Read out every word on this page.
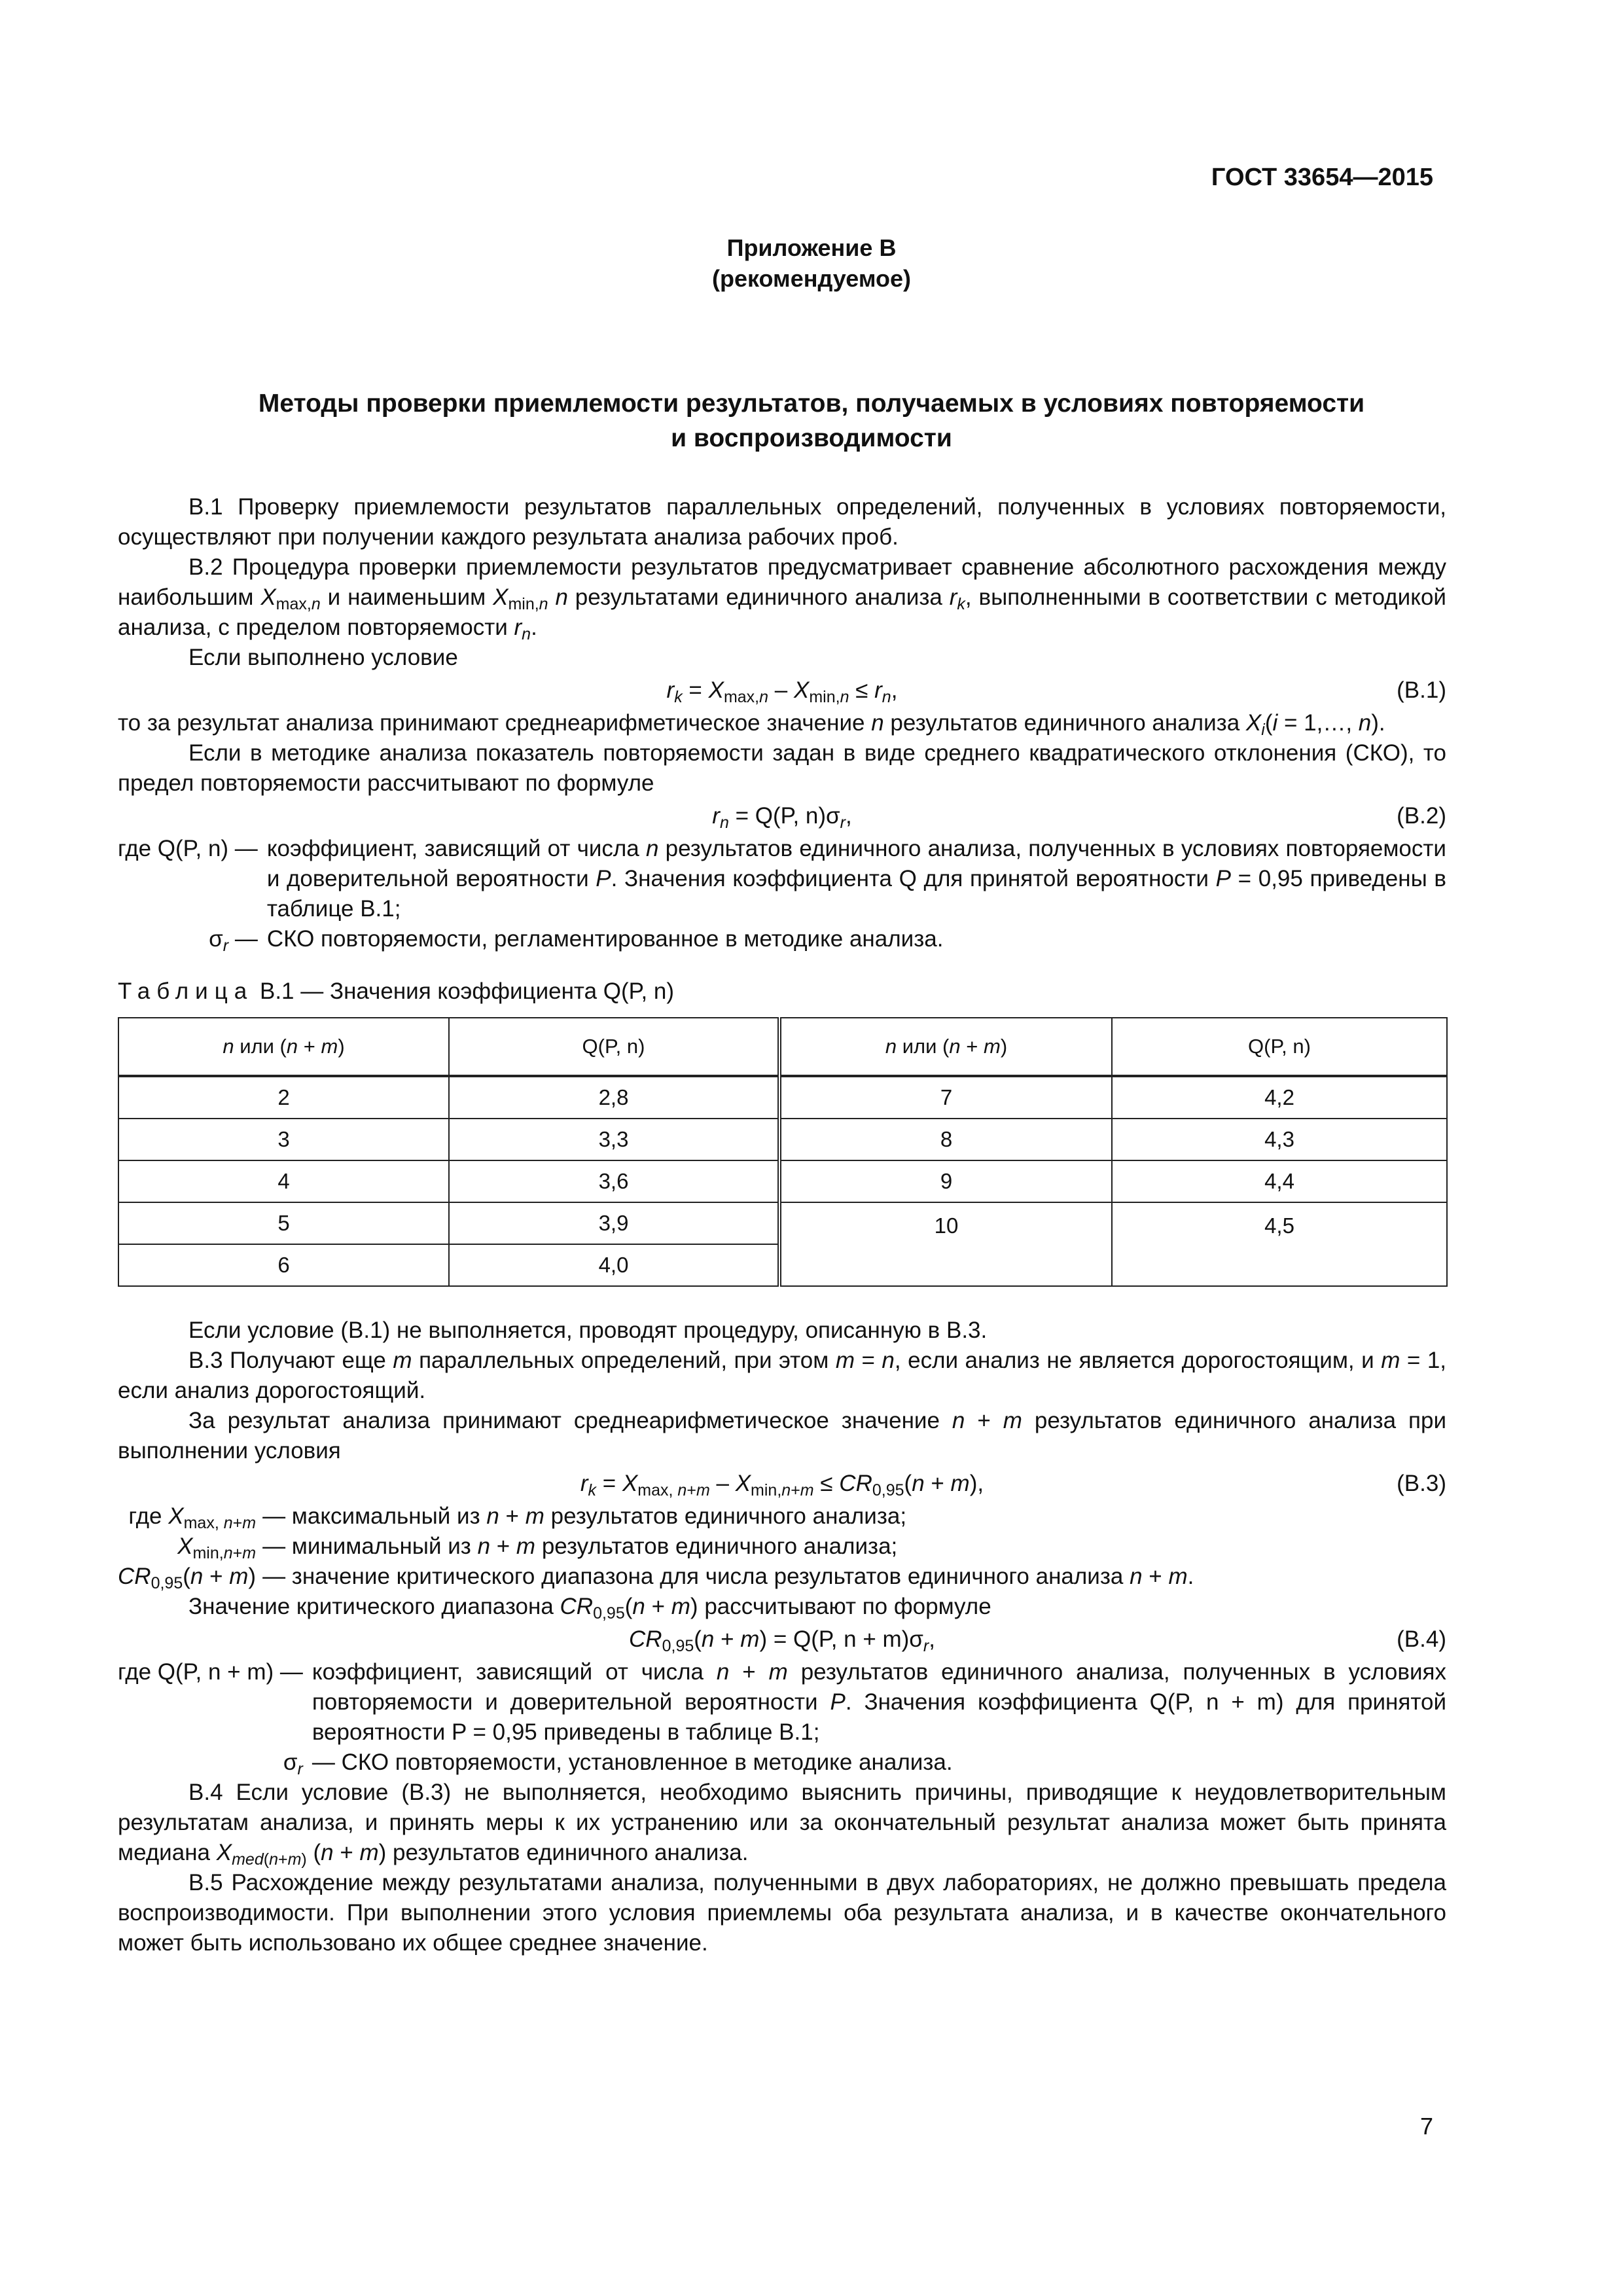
ГОСТ 33654—2015
Приложение В
(рекомендуемое)
Методы проверки приемлемости результатов, получаемых в условиях повторяемости
и воспроизводимости

В.1 Проверку приемлемости результатов параллельных определений, полученных в условиях повторяемости, осуществляют при получении каждого результата анализа рабочих проб.

В.2 Процедура проверки приемлемости результатов предусматривает сравнение абсолютного расхождения между наибольшим $X_{max,n}$ и наименьшим $X_{min,n}$ n результатами единичного анализа $r_k$, выполненными в соответствии с методикой анализа, с пределом повторяемости $r_n$.

Если выполнено условие

$r_k = X_{max,n} - X_{min,n} \le r_n$,	(В.1)

то за результат анализа принимают среднеарифметическое значение n результатов единичного анализа $X_i(i$ = 1,…, n).

Если в методике анализа показатель повторяемости задан в виде среднего квадратического отклонения (СКО), то предел повторяемости рассчитывают по формуле

$r_n = Q(P$, $n)\sigma_r$,	(В.2)
где Q(P, n) — коэффициент, зависящий от числа n результатов единичного анализа, полученных в условиях повторяемости и доверительной вероятности P. Значения коэффициента Q для принятой вероятности P = 0,95 приведены в таблице В.1;
$\sigma_r$ — СКО повторяемости, регламентированное в методике анализа.
Таблица В.1 — Значения коэффициента Q(P, n)
n или (n + m)	Q(P, n)	n или (n + m)	Q(P, n)
2	2,8	7	4,2
3	3,3	8	4,3
4	3,6	9	4,4
5	3,9	10	4,5
6	4,0		

Если условие (В.1) не выполняется, проводят процедуру, описанную в В.3.

В.3 Получают еще m параллельных определений, при этом m = n, если анализ не является дорогостоящим, и m = 1, если анализ дорогостоящий.

За результат анализа принимают среднеарифметическое значение n + m результатов единичного анализа при выполнении условия

$r_k = X_{max, n+m} - X_{min,n+m} \le CR_{0,95}(n + m)$,	(В.3)
где $X_{max, n+m}$ — максимальный из n + m результатов единичного анализа;
$X_{min,n+m}$ — минимальный из n + m результатов единичного анализа;
$CR_{0,95}(n + m)$ — значение критического диапазона для числа результатов единичного анализа n + m.

Значение критического диапазона $CR_{0,95}(n + m)$ рассчитывают по формуле

$CR_{0,95}(n + m) = Q(P$, $n + m)\sigma_r$,	(В.4)
где Q(P, n + m) — коэффициент, зависящий от числа n + m результатов единичного анализа, полученных в условиях повторяемости и доверительной вероятности P. Значения коэффициента Q(P, n + m) для принятой вероятности P = 0,95 приведены в таблице В.1;
$\sigma_r$ — СКО повторяемости, установленное в методике анализа.

В.4 Если условие (В.3) не выполняется, необходимо выяснить причины, приводящие к неудовлетворительным результатам анализа, и принять меры к их устранению или за окончательный результат анализа может быть принята медиана $X_{med(n+m)}$ (n + m) результатов единичного анализа.

В.5 Расхождение между результатами анализа, полученными в двух лабораториях, не должно превышать предела воспроизводимости. При выполнении этого условия приемлемы оба результата анализа, и в качестве окончательного может быть использовано их общее среднее значение.

7
